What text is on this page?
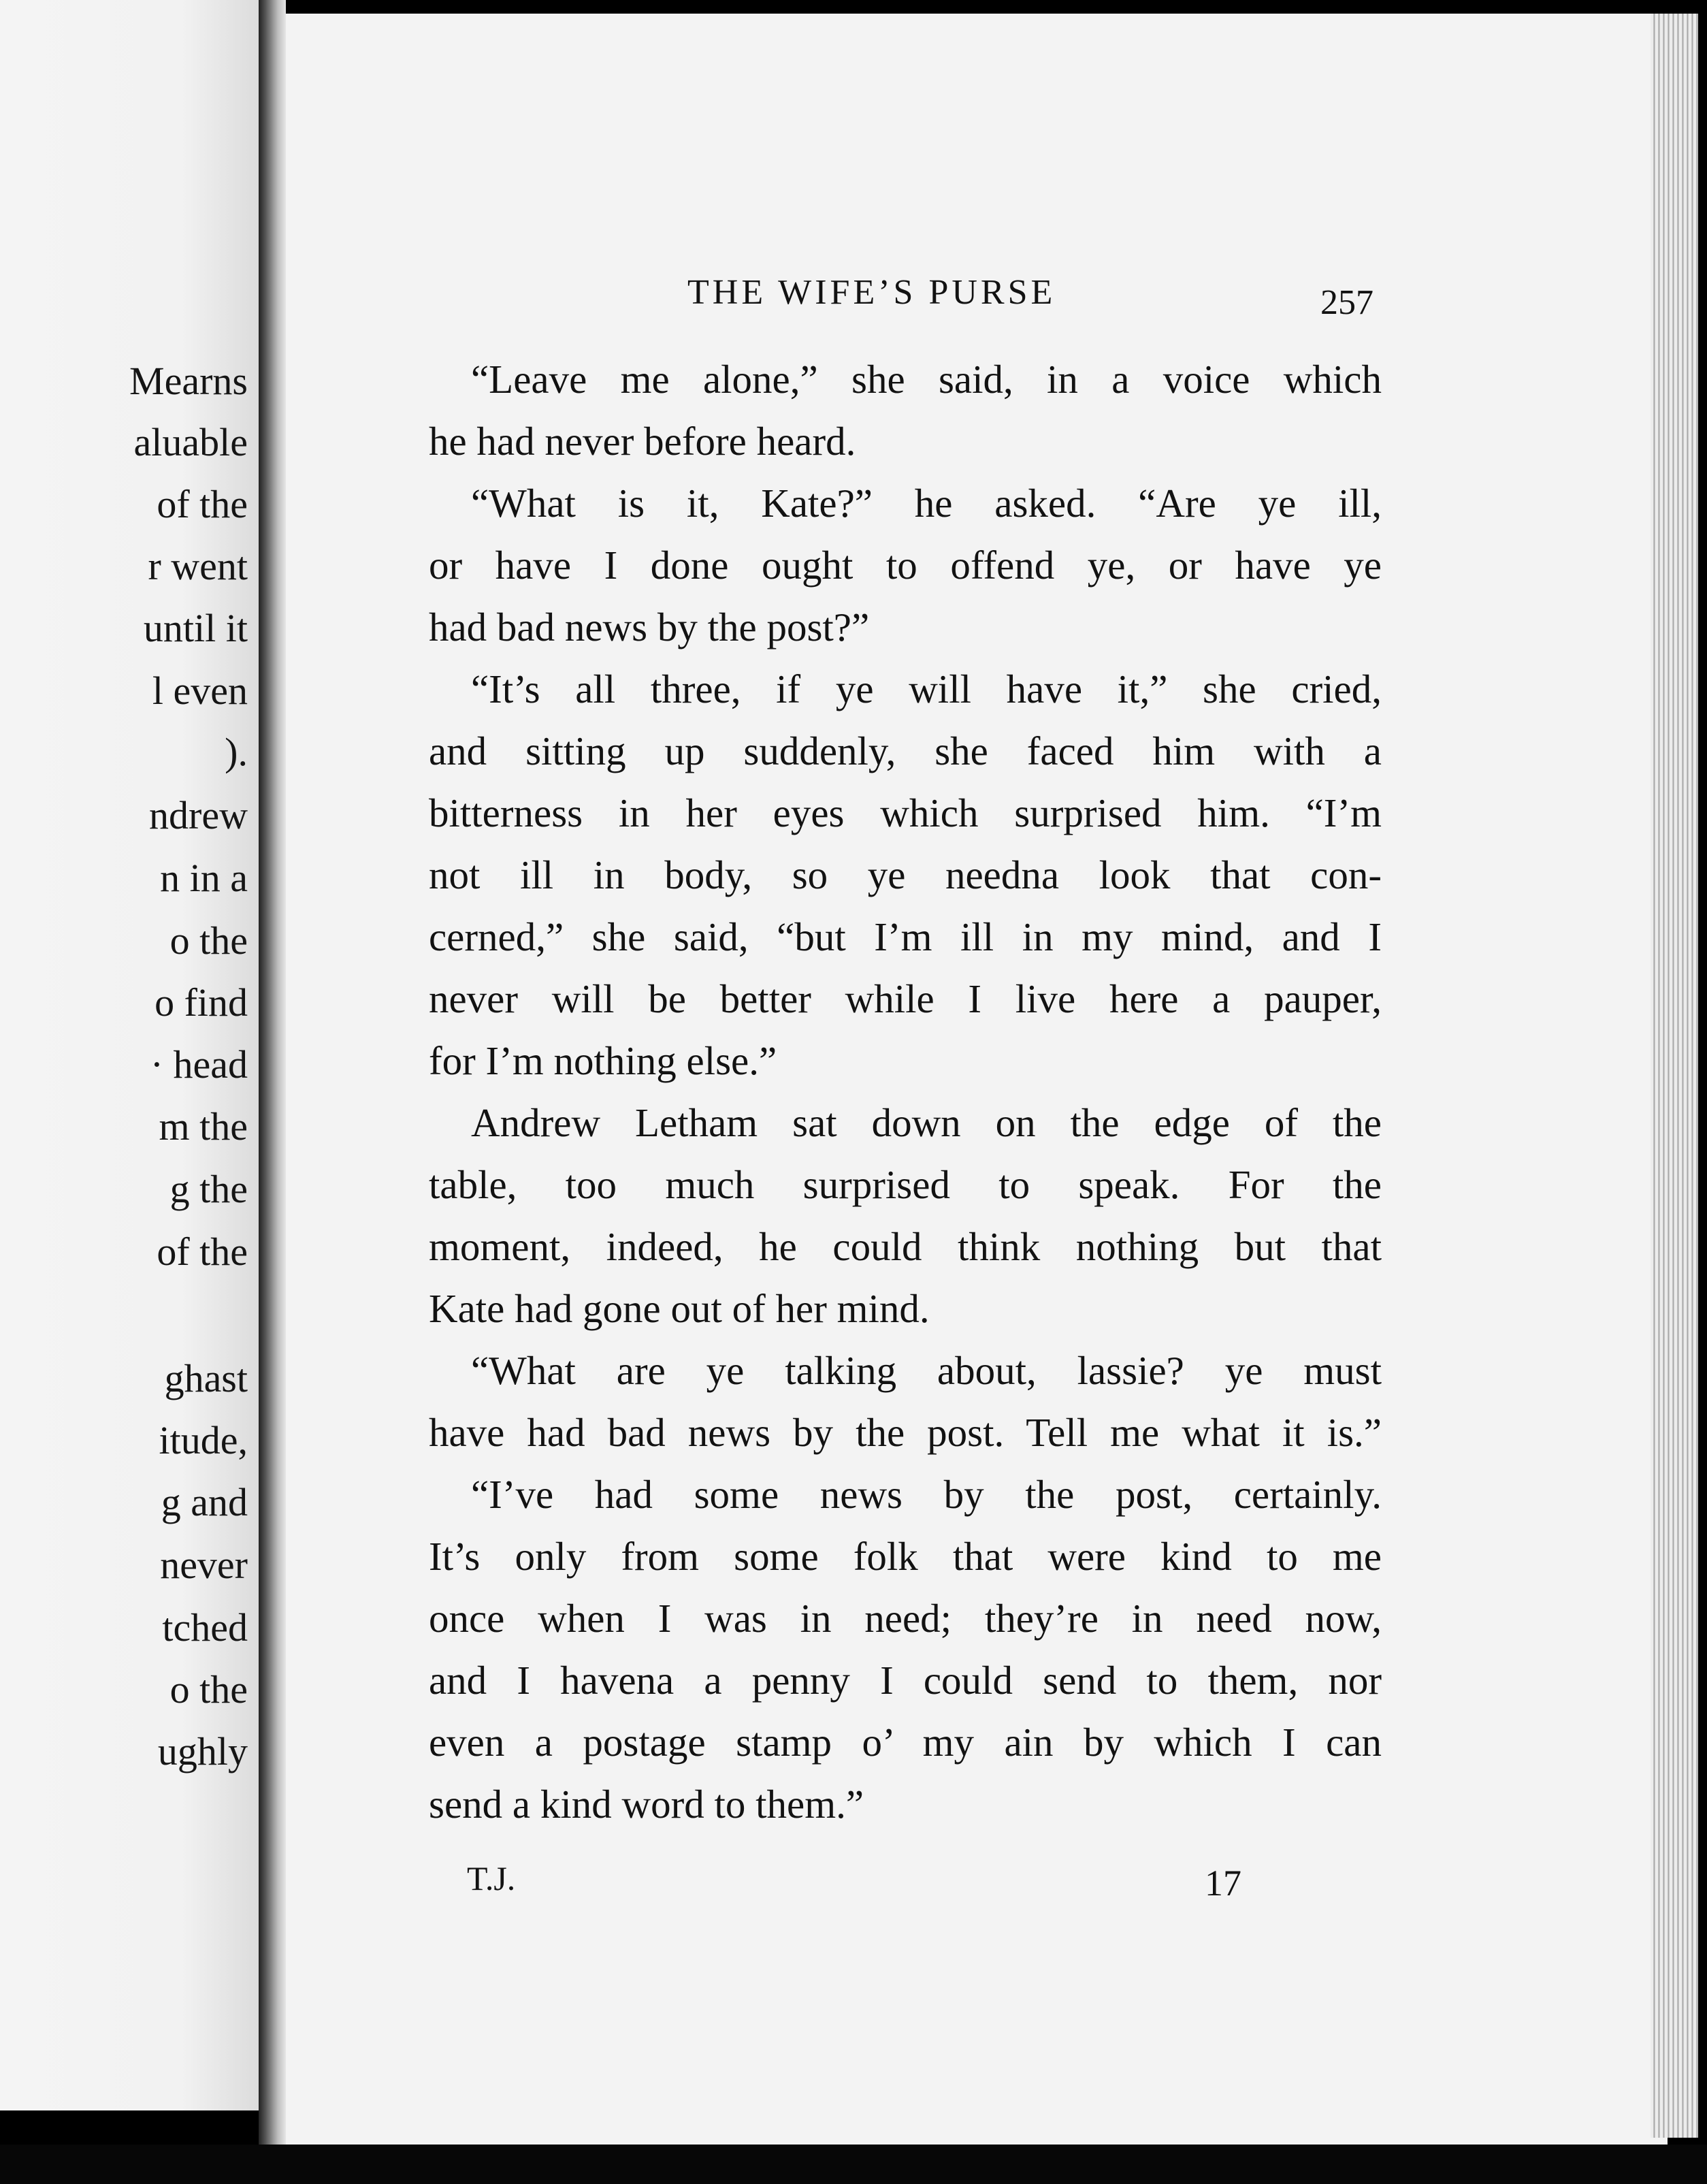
Mearns
aluable
of the
r went
until it
l even
).
ndrew
n in a
o the
o find
· head
m the
g the
of the
ghast
itude,
g and
never
tched
o the
ughly
THE WIFE’S PURSE	257
“Leave me alone,” she said, in a voice which
he had never before heard.
“What is it, Kate?” he asked. “Are ye ill,
or have I done ought to offend ye, or have ye
had bad news by the post?”
“It’s all three, if ye will have it,” she cried,
and sitting up suddenly, she faced him with a
bitterness in her eyes which surprised him. “I’m
not ill in body, so ye needna look that con-
cerned,” she said, “but I’m ill in my mind, and I
never will be better while I live here a pauper,
for I’m nothing else.”
Andrew Letham sat down on the edge of the
table, too much surprised to speak. For the
moment, indeed, he could think nothing but that
Kate had gone out of her mind.
“What are ye talking about, lassie? ye must
have had bad news by the post. Tell me what it is.”
“I’ve had some news by the post, certainly.
It’s only from some folk that were kind to me
once when I was in need; they’re in need now,
and I havena a penny I could send to them, nor
even a postage stamp o’ my ain by which I can
send a kind word to them.”
T.J.	17
